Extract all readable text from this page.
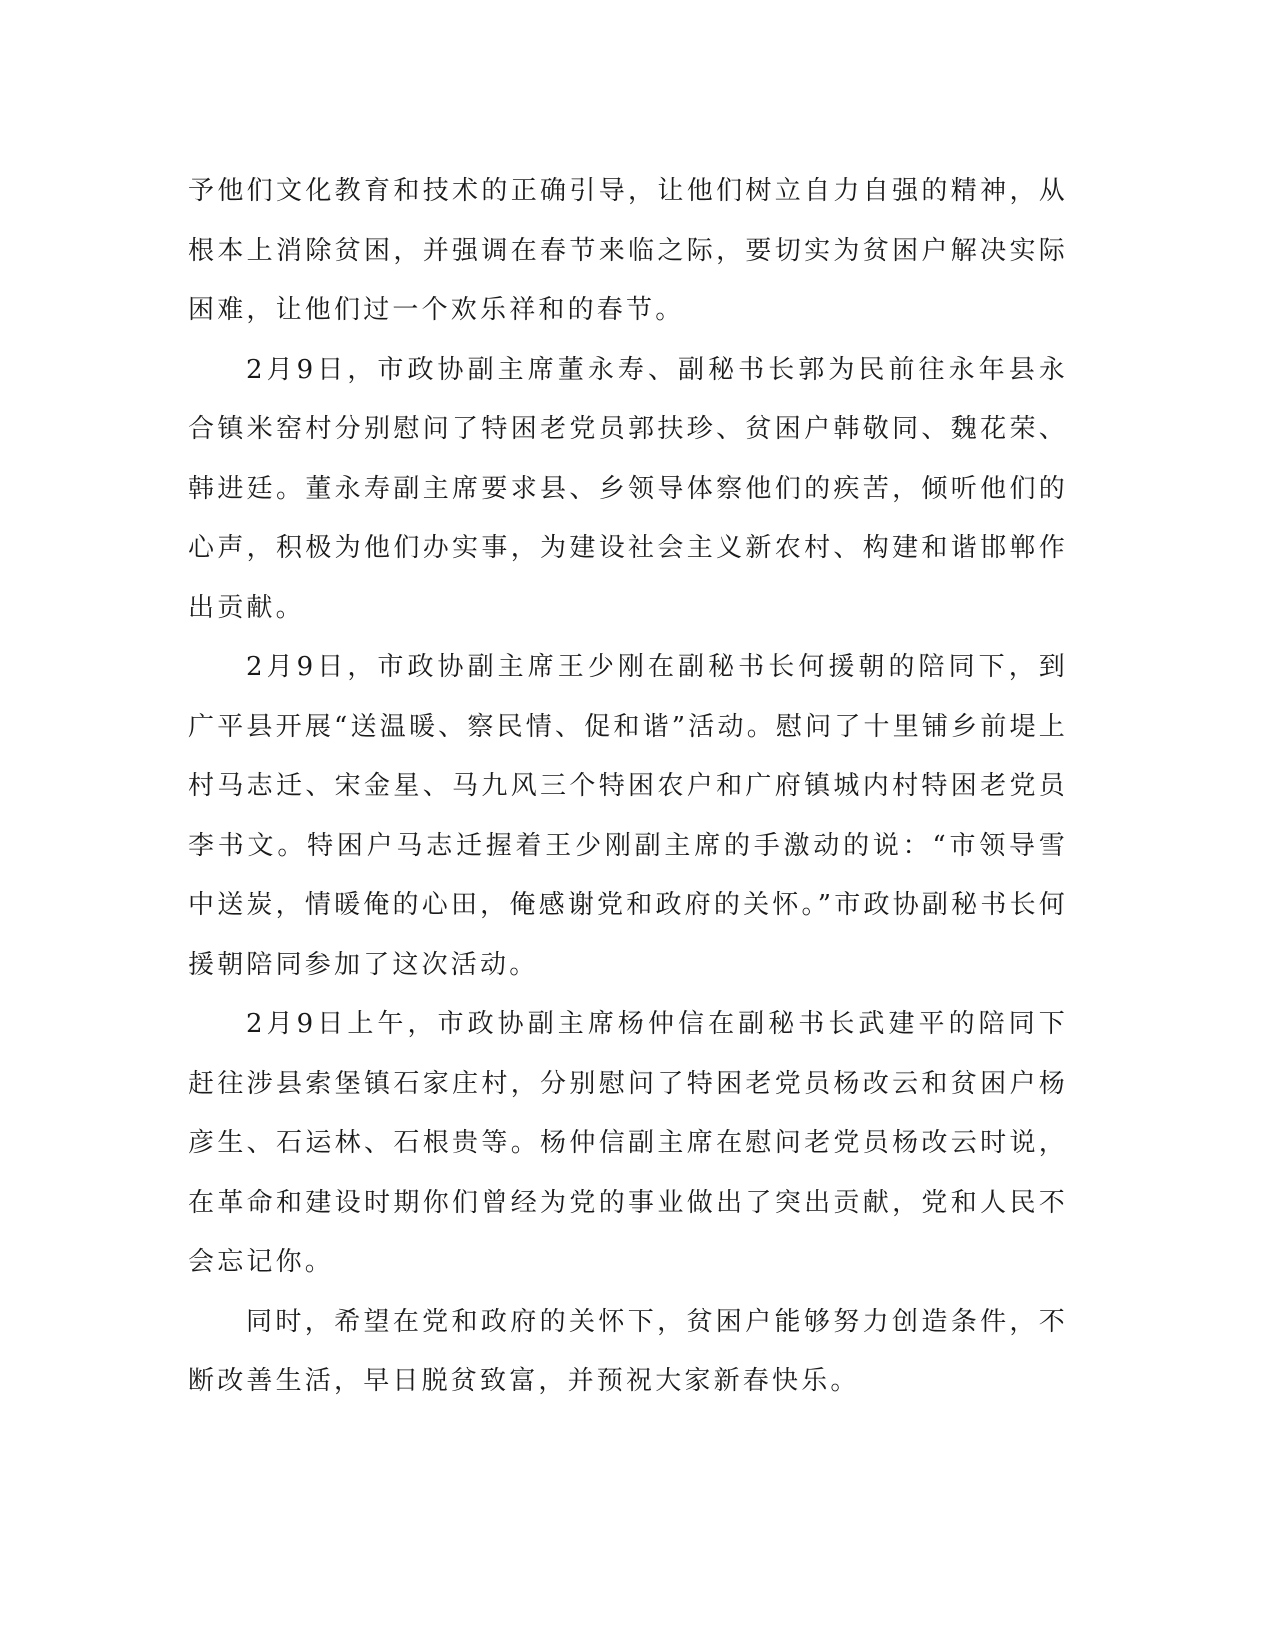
予他们文化教育和技术的正确引导，让他们树立自力自强的精神，从根本上消除贫困，并强调在春节来临之际，要切实为贫困户解决实际困难，让他们过一个欢乐祥和的春节。

2月9日，市政协副主席董永寿、副秘书长郭为民前往永年县永合镇米窑村分别慰问了特困老党员郭扶珍、贫困户韩敬同、魏花荣、韩进廷。董永寿副主席要求县、乡领导体察他们的疾苦，倾听他们的心声，积极为他们办实事，为建设社会主义新农村、构建和谐邯郸作出贡献。

2月9日，市政协副主席王少刚在副秘书长何援朝的陪同下，到广平县开展“送温暖、察民情、促和谐”活动。慰问了十里铺乡前堤上村马志迁、宋金星、马九风三个特困农户和广府镇城内村特困老党员李书文。特困户马志迁握着王少刚副主席的手激动的说：“市领导雪中送炭，情暖俺的心田，俺感谢党和政府的关怀。”市政协副秘书长何援朝陪同参加了这次活动。

2月9日上午，市政协副主席杨仲信在副秘书长武建平的陪同下赶往涉县索堡镇石家庄村，分别慰问了特困老党员杨改云和贫困户杨彦生、石运林、石根贵等。杨仲信副主席在慰问老党员杨改云时说，在革命和建设时期你们曾经为党的事业做出了突出贡献，党和人民不会忘记你。

同时，希望在党和政府的关怀下，贫困户能够努力创造条件，不断改善生活，早日脱贫致富，并预祝大家新春快乐。
